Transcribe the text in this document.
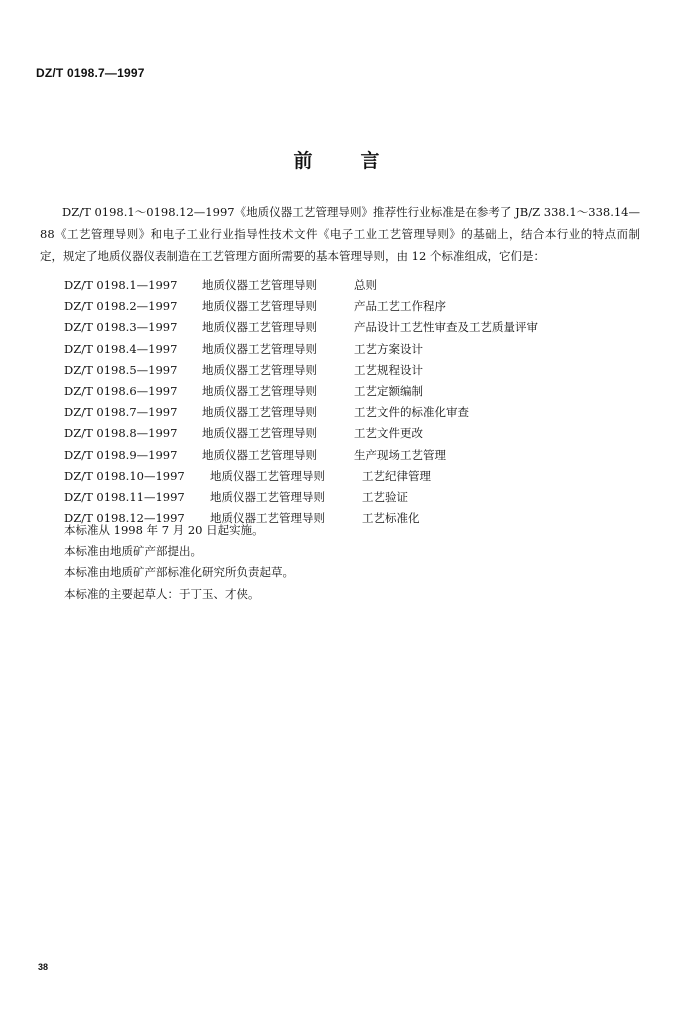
DZ/T 0198.7—1997
前言

DZ/T 0198.1～0198.12—1997《地质仪器工艺管理导则》推荐性行业标准是在参考了 JB/Z 338.1～338.14—88《工艺管理导则》和电子工业行业指导性技术文件《电子工业工艺管理导则》的基础上，结合本行业的特点而制定，规定了地质仪器仪表制造在工艺管理方面所需要的基本管理导则，由 12 个标准组成，它们是：

DZ/T 0198.1—1997 地质仪器工艺管理导则	总则
DZ/T 0198.2—1997 地质仪器工艺管理导则	产品工艺工作程序
DZ/T 0198.3—1997 地质仪器工艺管理导则	产品设计工艺性审查及工艺质量评审
DZ/T 0198.4—1997 地质仪器工艺管理导则	工艺方案设计
DZ/T 0198.5—1997 地质仪器工艺管理导则	工艺规程设计
DZ/T 0198.6—1997 地质仪器工艺管理导则	工艺定额编制
DZ/T 0198.7—1997 地质仪器工艺管理导则	工艺文件的标准化审查
DZ/T 0198.8—1997 地质仪器工艺管理导则	工艺文件更改
DZ/T 0198.9—1997 地质仪器工艺管理导则	生产现场工艺管理
DZ/T 0198.10—1997 地质仪器工艺管理导则	工艺纪律管理
DZ/T 0198.11—1997 地质仪器工艺管理导则	工艺验证
DZ/T 0198.12—1997 地质仪器工艺管理导则	工艺标准化
本标准从 1998 年 7 月 20 日起实施。
本标准由地质矿产部提出。
本标准由地质矿产部标准化研究所负责起草。
本标准的主要起草人：于丁玉、才侠。
38
